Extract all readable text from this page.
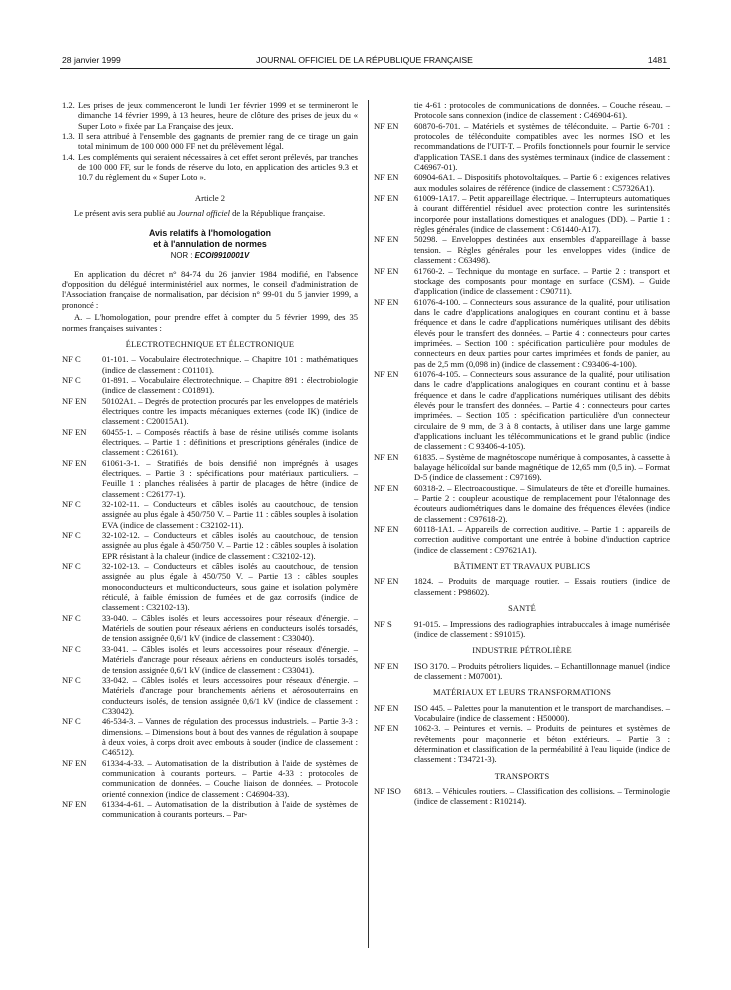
28 janvier 1999	JOURNAL OFFICIEL DE LA RÉPUBLIQUE FRANÇAISE	1481
1.2. Les prises de jeux commenceront le lundi 1er février 1999 et se termineront le dimanche 14 février 1999, à 13 heures, heure de clôture des prises de jeux du « Super Loto » fixée par La Française des jeux.
1.3. Il sera attribué à l'ensemble des gagnants de premier rang de ce tirage un gain total minimum de 100 000 000 FF net du prélèvement légal.
1.4. Les compléments qui seraient nécessaires à cet effet seront prélevés, par tranches de 100 000 FF, sur le fonds de réserve du loto, en application des articles 9.3 et 10.7 du règlement du « Super Loto ».
Article 2
Le présent avis sera publié au Journal officiel de la République française.
Avis relatifs à l'homologation
et à l'annulation de normes
NOR : ECOI9910001V
En application du décret n° 84-74 du 26 janvier 1984 modifié, en l'absence d'opposition du délégué interministériel aux normes, le conseil d'administration de l'Association française de normalisation, par décision n° 99-01 du 5 janvier 1999, a prononcé :
A. – L'homologation, pour prendre effet à compter du 5 février 1999, des 35 normes françaises suivantes :
ÉLECTROTECHNIQUE ET ÉLECTRONIQUE
NF C	01-101. – Vocabulaire électrotechnique. – Chapitre 101 : mathématiques (indice de classement : C01101).
NF C	01-891. – Vocabulaire électrotechnique. – Chapitre 891 : électrobiologie (indice de classement : C01891).
NF EN	50102A1. – Degrés de protection procurés par les enveloppes de matériels électriques contre les impacts mécaniques externes (code IK) (indice de classement : C20015A1).
NF EN	60455-1. – Composés réactifs à base de résine utilisés comme isolants électriques. – Partie 1 : définitions et prescriptions générales (indice de classement : C26161).
NF EN	61061-3-1. – Stratifiés de bois densifié non imprégnés à usages électriques. – Partie 3 : spécifications pour matériaux particuliers. – Feuille 1 : planches réalisées à partir de placages de hêtre (indice de classement : C26177-1).
NF C	32-102-11. – Conducteurs et câbles isolés au caoutchouc, de tension assignée au plus égale à 450/750 V. – Partie 11 : câbles souples à isolation EVA (indice de classement : C32102-11).
NF C	32-102-12. – Conducteurs et câbles isolés au caoutchouc, de tension assignée au plus égale à 450/750 V. – Partie 12 : câbles souples à isolation EPR résistant à la chaleur (indice de classement : C32102-12).
NF C	32-102-13. – Conducteurs et câbles isolés au caoutchouc, de tension assignée au plus égale à 450/750 V. – Partie 13 : câbles souples monoconducteurs et multiconducteurs, sous gaine et isolation polymère réticulé, à faible émission de fumées et de gaz corrosifs (indice de classement : C32102-13).
NF C	33-040. – Câbles isolés et leurs accessoires pour réseaux d'énergie. – Matériels de soutien pour réseaux aériens en conducteurs isolés torsadés, de tension assignée 0,6/1 kV (indice de classement : C33040).
NF C	33-041. – Câbles isolés et leurs accessoires pour réseaux d'énergie. – Matériels d'ancrage pour réseaux aériens en conducteurs isolés torsadés, de tension assignée 0,6/1 kV (indice de classement : C33041).
NF C	33-042. – Câbles isolés et leurs accessoires pour réseaux d'énergie. – Matériels d'ancrage pour branchements aériens et aérosouterrains en conducteurs isolés, de tension assignée 0,6/1 kV (indice de classement : C33042).
NF C	46-534-3. – Vannes de régulation des processus industriels. – Partie 3-3 : dimensions. – Dimensions bout à bout des vannes de régulation à soupape à deux voies, à corps droit avec embouts à souder (indice de classement : C46512).
NF EN	61334-4-33. – Automatisation de la distribution à l'aide de systèmes de communication à courants porteurs. – Partie 4-33 : protocoles de communication de données. – Couche liaison de données. – Protocole orienté connexion (indice de classement : C46904-33).
NF EN	61334-4-61. – Automatisation de la distribution à l'aide de systèmes de communication à courants porteurs. – Par-
tie 4-61 : protocoles de communications de données. – Couche réseau. – Protocole sans connexion (indice de classement : C46904-61).
NF EN	60870-6-701. – Matériels et systèmes de téléconduite. – Partie 6-701 : protocoles de téléconduite compatibles avec les normes ISO et les recommandations de l'UIT-T. – Profils fonctionnels pour fournir le service d'application TASE.1 dans des systèmes terminaux (indice de classement : C46967-01).
NF EN	60904-6A1. – Dispositifs photovoltaïques. – Partie 6 : exigences relatives aux modules solaires de référence (indice de classement : C57326A1).
NF EN	61009-1A17. – Petit appareillage électrique. – Interrupteurs automatiques à courant différentiel résiduel avec protection contre les surintensités incorporée pour installations domestiques et analogues (DD). – Partie 1 : règles générales (indice de classement : C61440-A17).
NF EN	50298. – Enveloppes destinées aux ensembles d'appareillage à basse tension. – Règles générales pour les enveloppes vides (indice de classement : C63498).
NF EN	61760-2. – Technique du montage en surface. – Partie 2 : transport et stockage des composants pour montage en surface (CSM). – Guide d'application (indice de classement : C90711).
NF EN	61076-4-100. – Connecteurs sous assurance de la qualité, pour utilisation dans le cadre d'applications analogiques en courant continu et à basse fréquence et dans le cadre d'applications numériques utilisant des débits élevés pour le transfert des données. – Partie 4 : connecteurs pour cartes imprimées. – Section 100 : spécification particulière pour modules de connecteurs en deux parties pour cartes imprimées et fonds de panier, au pas de 2,5 mm (0,098 in) (indice de classement : C93406-4-100).
NF EN	61076-4-105. – Connecteurs sous assurance de la qualité, pour utilisation dans le cadre d'applications analogiques en courant continu et à basse fréquence et dans le cadre d'applications numériques utilisant des débits élevés pour le transfert des données. – Partie 4 : connecteurs pour cartes imprimées. – Section 105 : spécification particulière d'un connecteur circulaire de 9 mm, de 3 à 8 contacts, à utiliser dans une large gamme d'applications incluant les télécommunications et le grand public (indice de classement : C 93406-4-105).
NF EN	61835. – Système de magnétoscope numérique à composantes, à cassette à balayage hélicoïdal sur bande magnétique de 12,65 mm (0,5 in). – Format D-5 (indice de classement : C97169).
NF EN	60318-2. – Electroacoustique. – Simulateurs de tête et d'oreille humaines. – Partie 2 : coupleur acoustique de remplacement pour l'étalonnage des écouteurs audiométriques dans le domaine des fréquences élevées (indice de classement : C97618-2).
NF EN	60118-1A1. – Appareils de correction auditive. – Partie 1 : appareils de correction auditive comportant une entrée à bobine d'induction captrice (indice de classement : C97621A1).
BÂTIMENT ET TRAVAUX PUBLICS
NF EN	1824. – Produits de marquage routier. – Essais routiers (indice de classement : P98602).
SANTÉ
NF S	91-015. – Impressions des radiographies intrabuccales à image numérisée (indice de classement : S91015).
INDUSTRIE PÉTROLIÈRE
NF EN	ISO 3170. – Produits pétroliers liquides. – Echantillonnage manuel (indice de classement : M07001).
MATÉRIAUX ET LEURS TRANSFORMATIONS
NF EN	ISO 445. – Palettes pour la manutention et le transport de marchandises. – Vocabulaire (indice de classement : H50000).
NF EN	1062-3. – Peintures et vernis. – Produits de peintures et systèmes de revêtements pour maçonnerie et béton extérieurs. – Partie 3 : détermination et classification de la perméabilité à l'eau liquide (indice de classement : T34721-3).
TRANSPORTS
NF ISO	6813. – Véhicules routiers. – Classification des collisions. – Terminologie (indice de classement : R10214).
